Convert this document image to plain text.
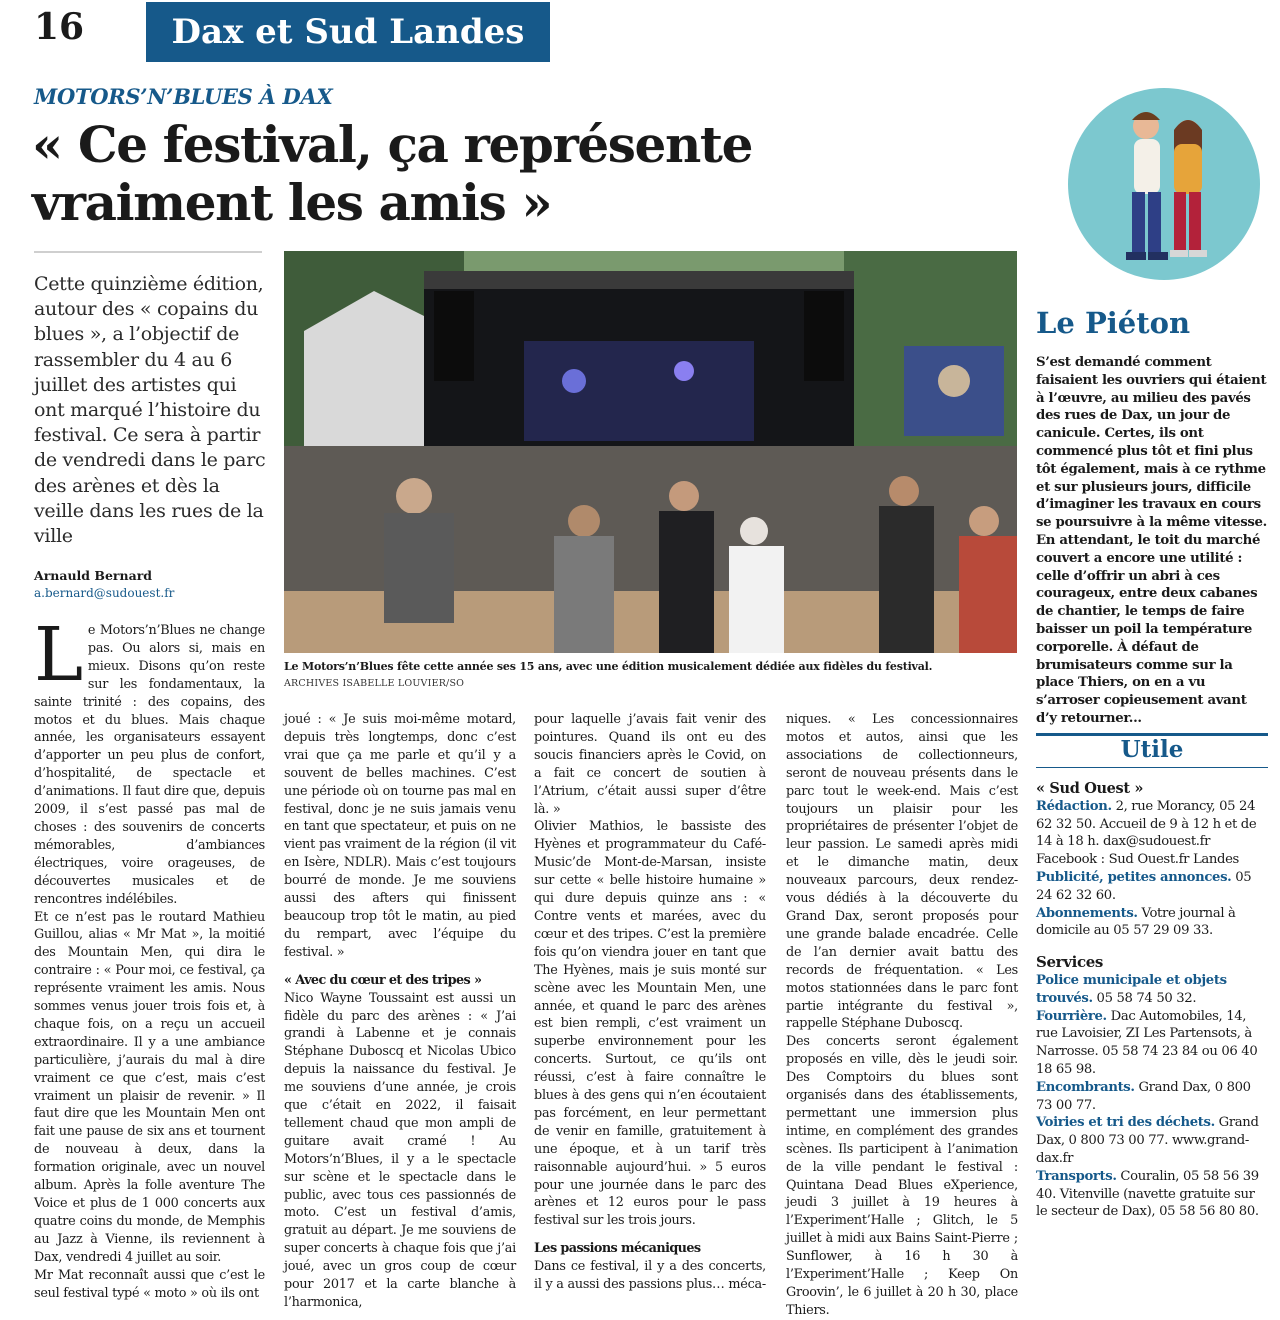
16	Dax et Sud Landes
MOTORS’N’BLUES À DAX
« Ce festival, ça représente
vraiment les amis »
Cette quinzième édition, autour des « copains du blues », a l’objectif de rassembler du 4 au 6 juillet des artistes qui ont marqué l’histoire du festival. Ce sera à partir de vendredi dans le parc des arènes et dès la veille dans les rues de la ville
Arnauld Bernard
a.bernard@sudouest.fr

Le Motors’n’Blues ne change pas. Ou alors si, mais en mieux. Disons qu’on reste sur les fondamentaux, la sainte trinité : des copains, des motos et du blues. Mais chaque année, les organisateurs essayent d’apporter un peu plus de confort, d’hospitalité, de spectacle et d’animations. Il faut dire que, depuis 2009, il s’est passé pas mal de choses : des souvenirs de concerts mémorables, d’ambiances électriques, voire orageuses, de découvertes musicales et de rencontres indélébiles.

Et ce n’est pas le routard Mathieu Guillou, alias « Mr Mat », la moitié des Mountain Men, qui dira le contraire : « Pour moi, ce festival, ça représente vraiment les amis. Nous sommes venus jouer trois fois et, à chaque fois, on a reçu un accueil extraordinaire. Il y a une ambiance particulière, j’aurais du mal à dire vraiment ce que c’est, mais c’est vraiment un plaisir de revenir. » Il faut dire que les Mountain Men ont fait une pause de six ans et tournent de nouveau à deux, dans la formation originale, avec un nouvel album. Après la folle aventure The Voice et plus de 1 000 concerts aux quatre coins du monde, de Memphis au Jazz à Vienne, ils reviennent à Dax, vendredi 4 juillet au soir.

Mr Mat reconnaît aussi que c’est le seul festival typé « moto » où ils ont

joué : « Je suis moi-même motard, depuis très longtemps, donc c’est vrai que ça me parle et qu’il y a souvent de belles machines. C’est une période où on tourne pas mal en festival, donc je ne suis jamais venu en tant que spectateur, et puis on ne vient pas vraiment de la région (il vit en Isère, NDLR). Mais c’est toujours bourré de monde. Je me souviens aussi des afters qui finissent beaucoup trop tôt le matin, au pied du rempart, avec l’équipe du festival. »

« Avec du cœur et des tripes »

Nico Wayne Toussaint est aussi un fidèle du parc des arènes : « J’ai grandi à Labenne et je connais Stéphane Duboscq et Nicolas Ubico depuis la naissance du festival. Je me souviens d’une année, je crois que c’était en 2022, il faisait tellement chaud que mon ampli de guitare avait cramé ! Au Motors’n’Blues, il y a le spectacle sur scène et le spectacle dans le public, avec tous ces passionnés de moto. C’est un festival d’amis, gratuit au départ. Je me souviens de super concerts à chaque fois que j’ai joué, avec un gros coup de cœur pour 2017 et la carte blanche à l’harmonica,

pour laquelle j’avais fait venir des pointures. Quand ils ont eu des soucis financiers après le Covid, on a fait ce concert de soutien à l’Atrium, c’était aussi super d’être là. »

Olivier Mathios, le bassiste des Hyènes et programmateur du Café-Music’de Mont-de-Marsan, insiste sur cette « belle histoire humaine » qui dure depuis quinze ans : « Contre vents et marées, avec du cœur et des tripes. C’est la première fois qu’on viendra jouer en tant que The Hyènes, mais je suis monté sur scène avec les Mountain Men, une année, et quand le parc des arènes est bien rempli, c’est vraiment un superbe environnement pour les concerts. Surtout, ce qu’ils ont réussi, c’est à faire connaître le blues à des gens qui n’en écoutaient pas forcément, en leur permettant de venir en famille, gratuitement à une époque, et à un tarif très raisonnable aujourd’hui. » 5 euros pour une journée dans le parc des arènes et 12 euros pour le pass festival sur les trois jours.

Les passions mécaniques

Dans ce festival, il y a des concerts, il y a aussi des passions plus… méca-

niques. « Les concessionnaires motos et autos, ainsi que les associations de collectionneurs, seront de nouveau présents dans le parc tout le week-end. Mais c’est toujours un plaisir pour les propriétaires de présenter l’objet de leur passion. Le samedi après midi et le dimanche matin, deux nouveaux parcours, deux rendez-vous dédiés à la découverte du Grand Dax, seront proposés pour une grande balade encadrée. Celle de l’an dernier avait battu des records de fréquentation. « Les motos stationnées dans le parc font partie intégrante du festival », rappelle Stéphane Duboscq.

Des concerts seront également proposés en ville, dès le jeudi soir. Des Comptoirs du blues sont organisés dans des établissements, permettant une immersion plus intime, en complément des grandes scènes. Ils participent à l’animation de la ville pendant le festival : Quintana Dead Blues eXperience, jeudi 3 juillet à 19 heures à l’Experiment’Halle ; Glitch, le 5 juillet à midi aux Bains Saint-Pierre ; Sunflower, à 16 h 30 à l’Experiment’Halle ; Keep On Groovin’, le 6 juillet à 20 h 30, place Thiers.

Le Motors’n’Blues fête cette année ses 15 ans, avec une édition musicalement dédiée aux fidèles du festival.
ARCHIVES ISABELLE LOUVIER/SO
Le Piéton
S’est demandé comment faisaient les ouvriers qui étaient à l’œuvre, au milieu des pavés des rues de Dax, un jour de canicule. Certes, ils ont commencé plus tôt et fini plus tôt également, mais à ce rythme et sur plusieurs jours, difficile d’imaginer les travaux en cours se poursuivre à la même vitesse. En attendant, le toit du marché couvert a encore une utilité : celle d’offrir un abri à ces courageux, entre deux cabanes de chantier, le temps de faire baisser un poil la température corporelle. À défaut de brumisateurs comme sur la place Thiers, on en a vu s’arroser copieusement avant d’y retourner...
Utile

« Sud Ouest »

Rédaction. 2, rue Morancy, 05 24 62 32 50. Accueil de 9 à 12 h et de 14 à 18 h. dax@sudouest.fr Facebook : Sud Ouest.fr Landes

Publicité, petites annonces. 05 24 62 32 60.

Abonnements. Votre journal à domicile au 05 57 29 09 33.

Services

Police municipale et objets trouvés. 05 58 74 50 32.

Fourrière. Dac Automobiles, 14, rue Lavoisier, ZI Les Partensots, à Narrosse. 05 58 74 23 84 ou 06 40 18 65 98.

Encombrants. Grand Dax, 0 800 73 00 77.

Voiries et tri des déchets. Grand Dax, 0 800 73 00 77. www.grand-dax.fr

Transports. Couralin, 05 58 56 39 40. Vitenville (navette gratuite sur le secteur de Dax), 05 58 56 80 80.
